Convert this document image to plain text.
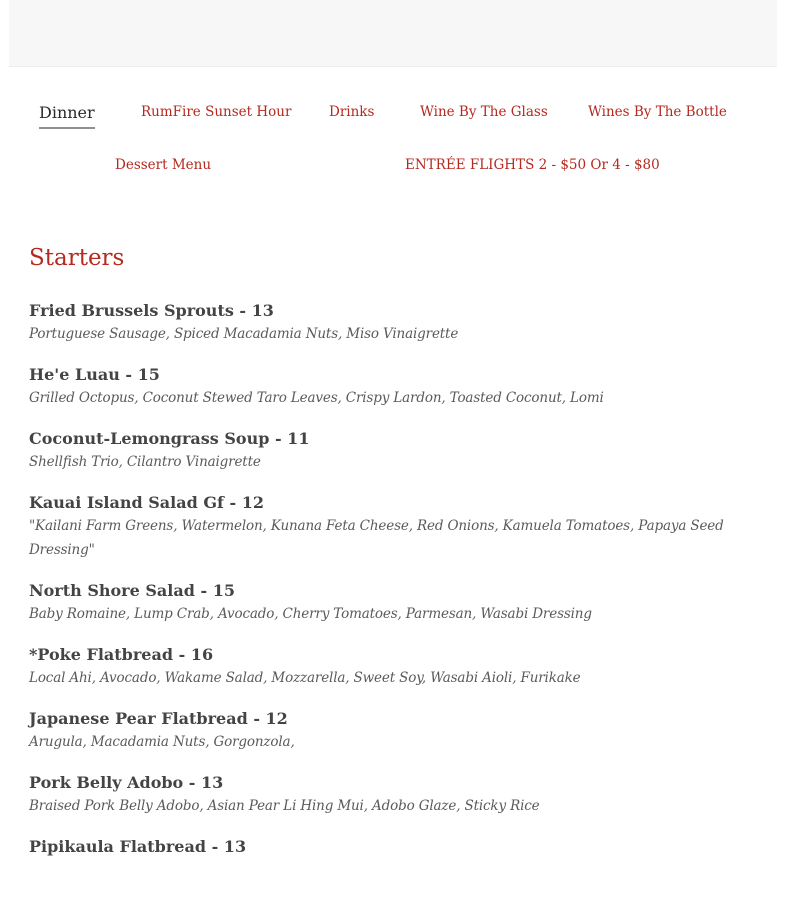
Dinner	RumFire Sunset Hour	Drinks	Wine By The Glass	Wines By The Bottle
Dessert Menu	ENTRÉE FLIGHTS 2 - $50 Or 4 - $80
Starters
Fried Brussels Sprouts - 13
Portuguese Sausage, Spiced Macadamia Nuts, Miso Vinaigrette
He'e Luau - 15
Grilled Octopus, Coconut Stewed Taro Leaves, Crispy Lardon, Toasted Coconut, Lomi
Coconut-Lemongrass Soup - 11
Shellfish Trio, Cilantro Vinaigrette
Kauai Island Salad Gf - 12
"Kailani Farm Greens, Watermelon, Kunana Feta Cheese, Red Onions, Kamuela Tomatoes, Papaya Seed Dressing"
North Shore Salad - 15
Baby Romaine, Lump Crab, Avocado, Cherry Tomatoes, Parmesan, Wasabi Dressing
*Poke Flatbread - 16
Local Ahi, Avocado, Wakame Salad, Mozzarella, Sweet Soy, Wasabi Aioli, Furikake
Japanese Pear Flatbread - 12
Arugula, Macadamia Nuts, Gorgonzola,
Pork Belly Adobo - 13
Braised Pork Belly Adobo, Asian Pear Li Hing Mui, Adobo Glaze, Sticky Rice
Pipikaula Flatbread - 13
